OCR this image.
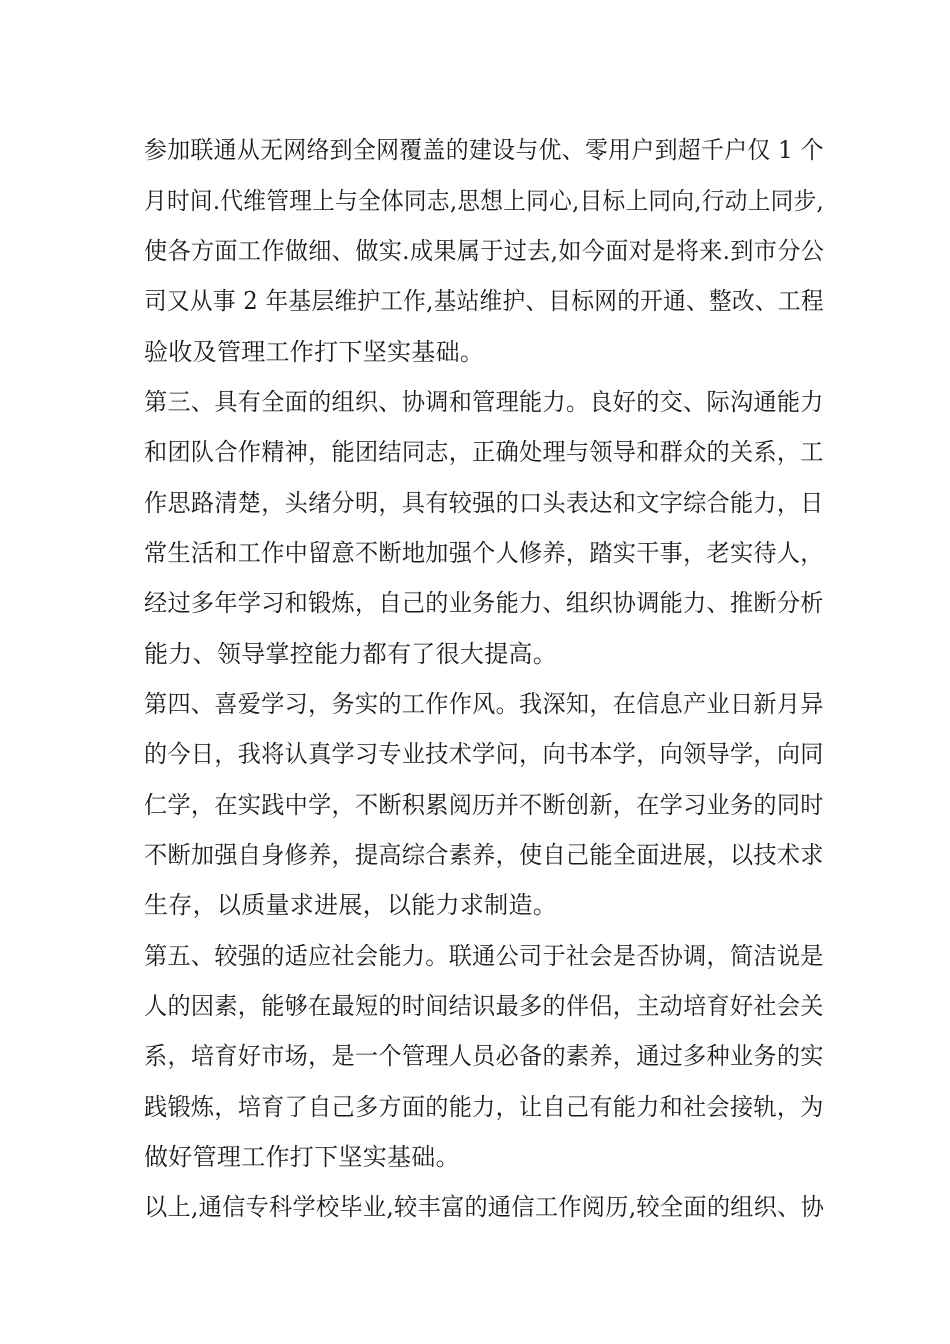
参加联通从无网络到全网覆盖的建设与优、零用户到超千户仅 1 个
月时间.代维管理上与全体同志,思想上同心,目标上同向,行动上同步,
使各方面工作做细、做实.成果属于过去,如今面对是将来.到市分公
司又从事 2 年基层维护工作,基站维护、目标网的开通、整改、工程
验收及管理工作打下坚实基础。
第三、具有全面的组织、协调和管理能力。良好的交、际沟通能力
和团队合作精神，能团结同志，正确处理与领导和群众的关系，工
作思路清楚，头绪分明，具有较强的口头表达和文字综合能力，日
常生活和工作中留意不断地加强个人修养，踏实干事，老实待人，
经过多年学习和锻炼，自己的业务能力、组织协调能力、推断分析
能力、领导掌控能力都有了很大提高。
第四、喜爱学习，务实的工作作风。我深知，在信息产业日新月异
的今日，我将认真学习专业技术学问，向书本学，向领导学，向同
仁学，在实践中学，不断积累阅历并不断创新，在学习业务的同时
不断加强自身修养，提高综合素养，使自己能全面进展，以技术求
生存，以质量求进展，以能力求制造。
第五、较强的适应社会能力。联通公司于社会是否协调，简洁说是
人的因素，能够在最短的时间结识最多的伴侣，主动培育好社会关
系，培育好市场，是一个管理人员必备的素养，通过多种业务的实
践锻炼，培育了自己多方面的能力，让自己有能力和社会接轨，为
做好管理工作打下坚实基础。
以上,通信专科学校毕业,较丰富的通信工作阅历,较全面的组织、协
